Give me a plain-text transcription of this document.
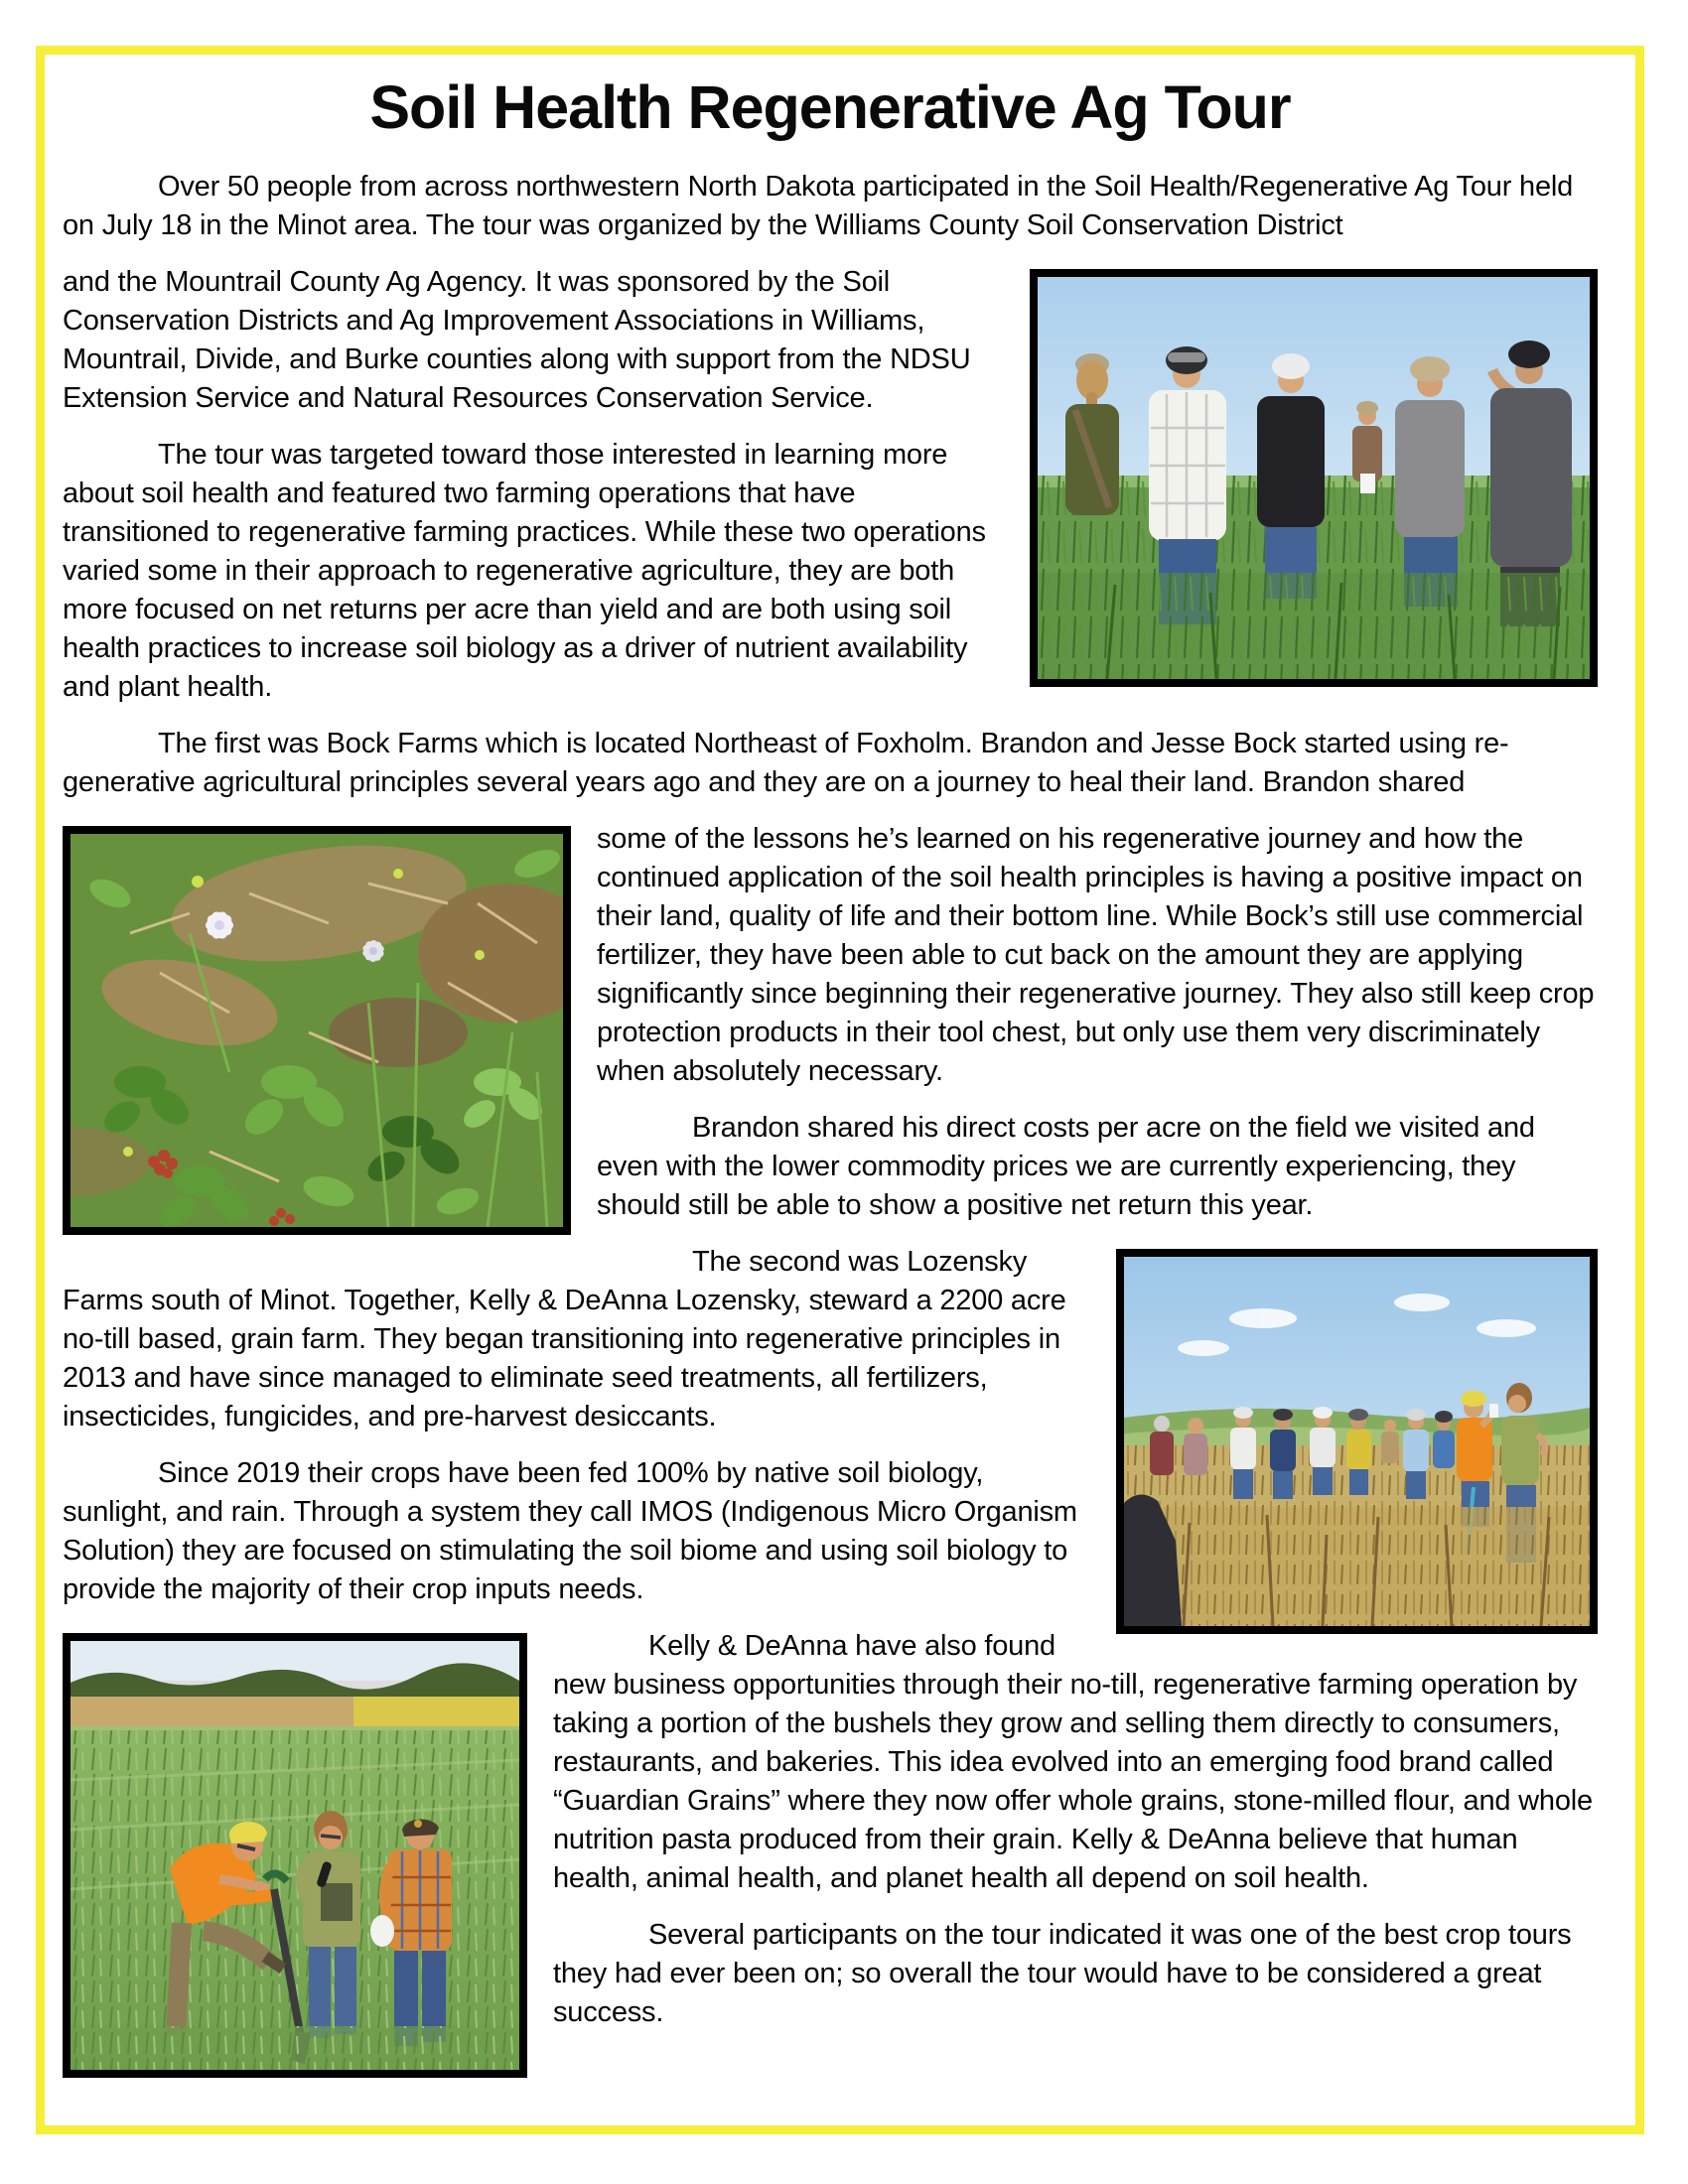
Soil Health Regenerative Ag Tour

Over 50 people from across northwestern North Dakota participated in the Soil Health/Regenerative Ag Tour held on July 18 in the Minot area. The tour was organized by the Williams County Soil Conservation District

and the Mountrail County Ag Agency. It was sponsored by the Soil Conservation Districts and Ag Improvement Associations in Williams, Mountrail, Divide, and Burke counties along with support from the NDSU Extension Service and Natural Resources Conservation Service.

The tour was targeted toward those interested in learning more about soil health and featured two farming operations that have transitioned to regenerative farming practices. While these two operations varied some in their approach to regenerative agriculture, they are both more focused on net returns per acre than yield and are both using soil health practices to increase soil biology as a driver of nutrient availability and plant health.

The first was Bock Farms which is located Northeast of Foxholm. Brandon and Jesse Bock started using re-generative agricultural principles several years ago and they are on a journey to heal their land. Brandon shared

some of the lessons he’s learned on his regenerative journey and how the continued application of the soil health principles is having a positive impact on their land, quality of life and their bottom line. While Bock’s still use commercial fertilizer, they have been able to cut back on the amount they are applying significantly since beginning their regenerative journey. They also still keep crop protection products in their tool chest, but only use them very discriminately when absolutely necessary.

Brandon shared his direct costs per acre on the field we visited and even with the lower commodity prices we are currently experiencing, they should still be able to show a positive net return this year.

The second was Lozensky Farms south of Minot. Together, Kelly & DeAnna Lozensky, steward a 2200 acre no-till based, grain farm. They began transitioning into regenerative principles in 2013 and have since managed to eliminate seed treatments, all fertilizers, insecticides, fungicides, and pre-harvest desiccants.

Since 2019 their crops have been fed 100% by native soil biology, sunlight, and rain. Through a system they call IMOS (Indigenous Micro Organism Solution) they are focused on stimulating the soil biome and using soil biology to provide the majority of their crop inputs needs.

Kelly & DeAnna have also found new business opportunities through their no-till, regenerative farming operation by taking a portion of the bushels they grow and selling them directly to consumers, restaurants, and bakeries. This idea evolved into an emerging food brand called “Guardian Grains” where they now offer whole grains, stone-milled flour, and whole nutrition pasta produced from their grain. Kelly & DeAnna believe that human health, animal health, and planet health all depend on soil health.

Several participants on the tour indicated it was one of the best crop tours they had ever been on; so overall the tour would have to be considered a great success.
